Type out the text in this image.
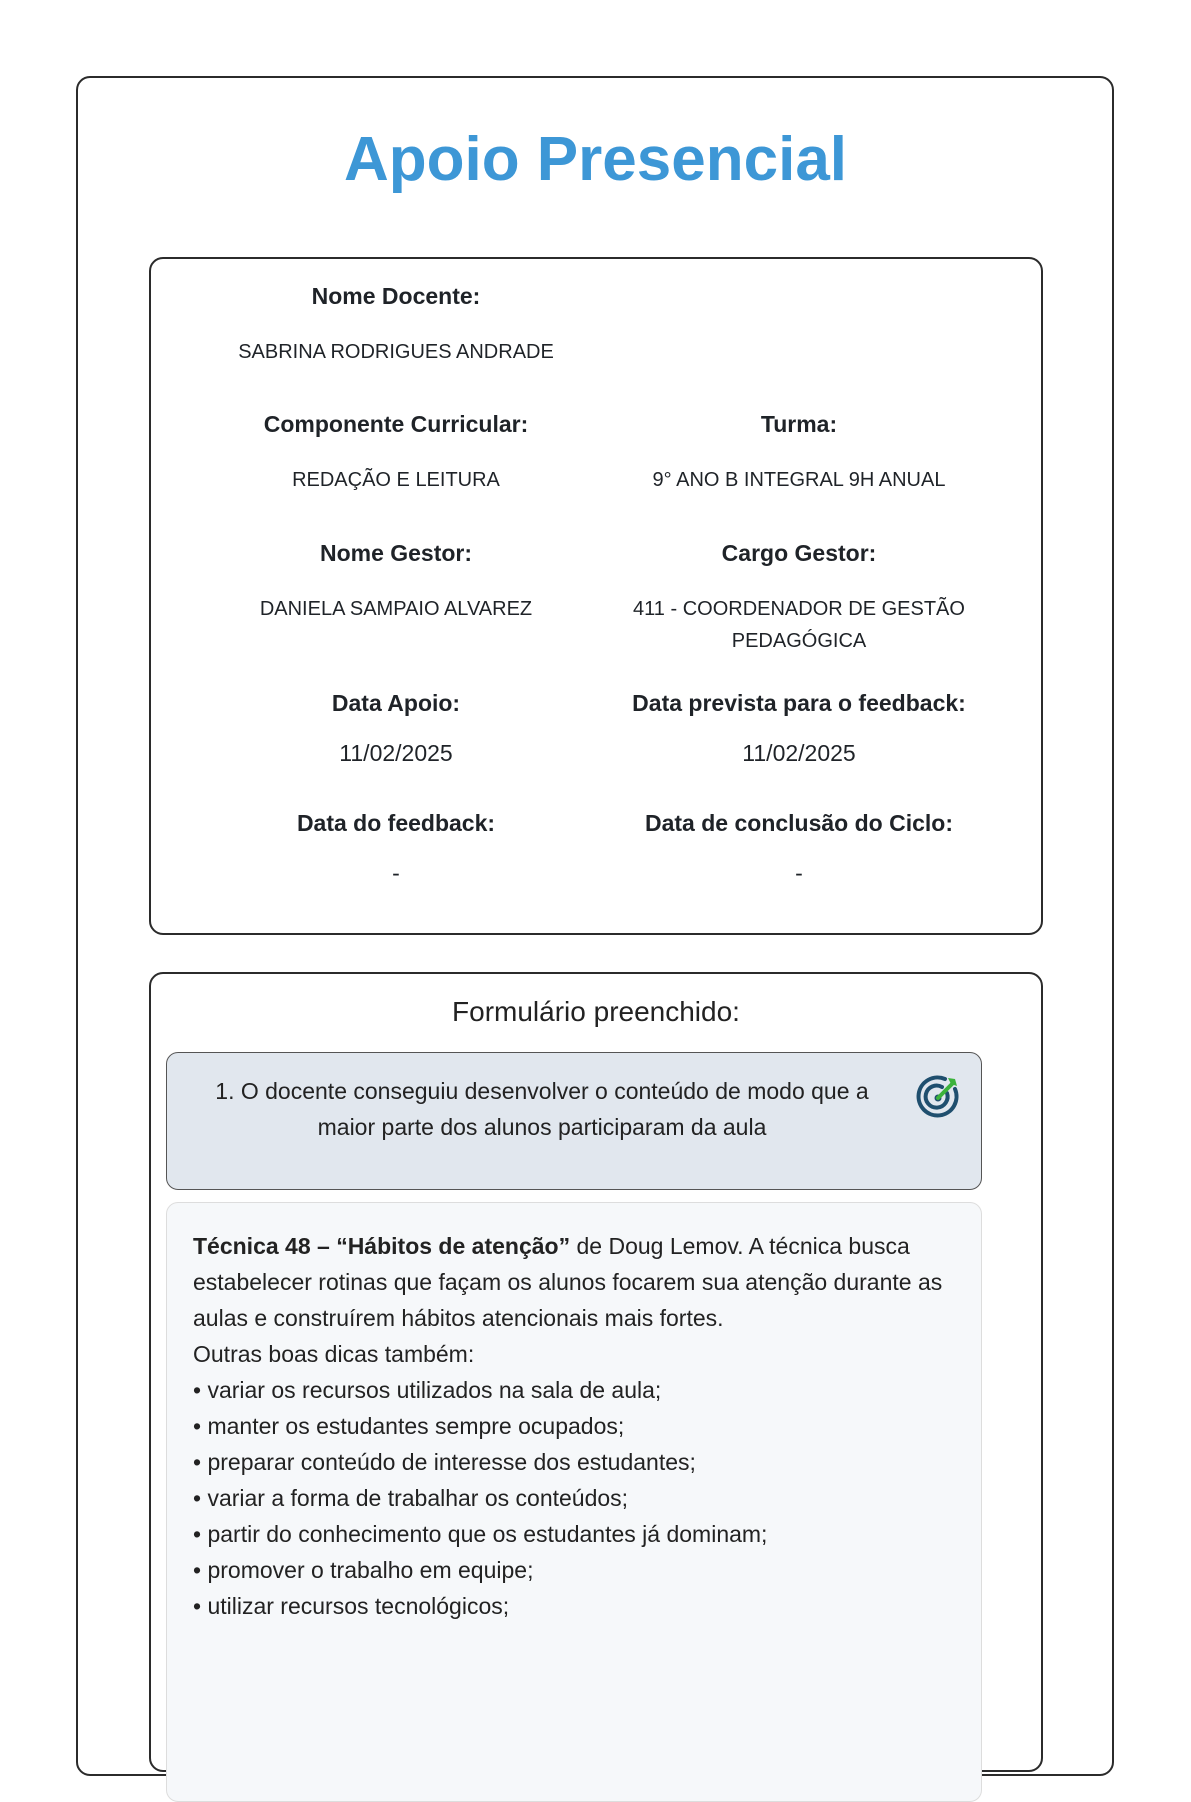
Apoio Presencial
Nome Docente:
SABRINA RODRIGUES ANDRADE
Componente Curricular:
REDAÇÃO E LEITURA
Turma:
9° ANO B INTEGRAL 9H ANUAL
Nome Gestor:
DANIELA SAMPAIO ALVAREZ
Cargo Gestor:
411 - COORDENADOR DE GESTÃO PEDAGÓGICA
Data Apoio:
11/02/2025
Data prevista para o feedback:
11/02/2025
Data do feedback:
-
Data de conclusão do Ciclo:
-
Formulário preenchido:
1. O docente conseguiu desenvolver o conteúdo de modo que a maior parte dos alunos participaram da aula
Técnica 48 – “Hábitos de atenção” de Doug Lemov. A técnica busca estabelecer rotinas que façam os alunos focarem sua atenção durante as aulas e construírem hábitos atencionais mais fortes.
Outras boas dicas também:
• variar os recursos utilizados na sala de aula;
• manter os estudantes sempre ocupados;
• preparar conteúdo de interesse dos estudantes;
• variar a forma de trabalhar os conteúdos;
• partir do conhecimento que os estudantes já dominam;
• promover o trabalho em equipe;
• utilizar recursos tecnológicos;
